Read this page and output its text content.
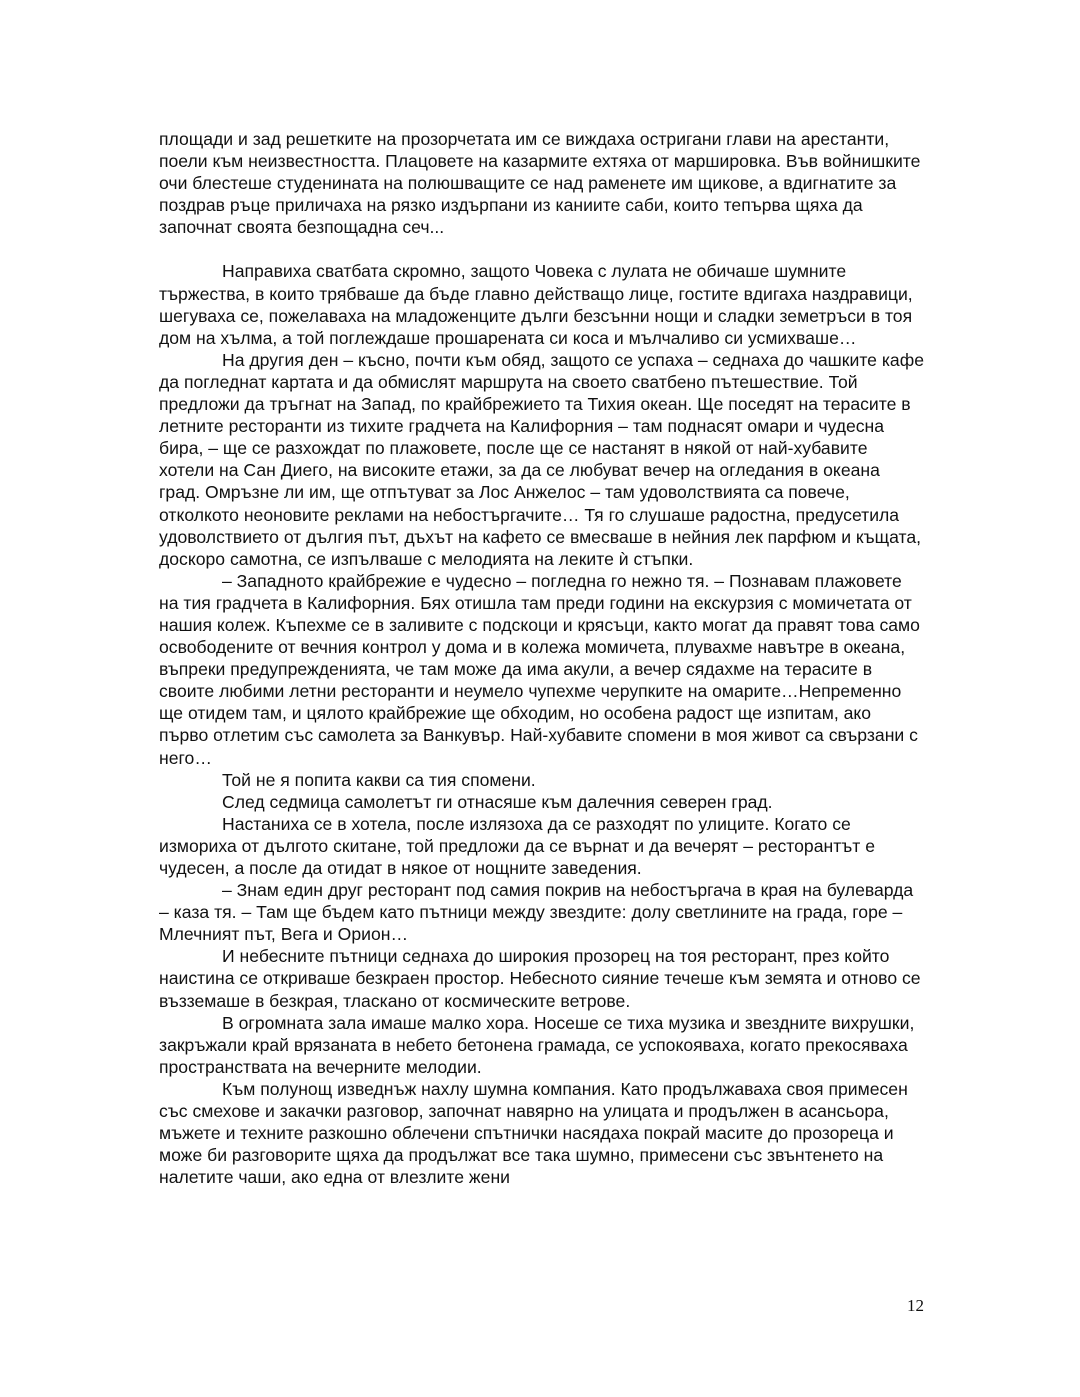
площади и зад решетките на прозорчетата им се виждаха остригани глави на арестанти, поели към неизвестността. Плацовете на казармите ехтяха от маршировка. Във войнишките очи блестеше студенината на полюшващите се над раменете им щикове, а вдигнатите за поздрав ръце приличаха на рязко издърпани из каниите саби, които тепърва щяха да започнат своята безпощадна сеч...

Направиха сватбата скромно, защото Човека с лулата не обичаше шумните тържества, в които трябваше да бъде главно действащо лице, гостите вдигаха наздравици, шегуваха се, пожелаваха на младоженците дълги безсънни нощи и сладки земетръси в тоя дом на хълма, а той поглеждаше прошарената си коса и мълчаливо си усмихваше…

На другия ден – късно, почти към обяд, защото се успаха – седнаха до чашките кафе да погледнат картата и да обмислят маршрута на своето сватбено пътешествие. Той предложи да тръгнат на Запад, по крайбрежието та Тихия океан. Ще поседят на терасите в летните ресторанти из тихите градчета на Калифорния – там поднасят омари и чудесна бира, – ще се разхождат по плажовете, после ще се настанят в някой от най-хубавите хотели на Сан Диего, на високите етажи, за да се любуват вечер на огледания в океана град. Омръзне ли им, ще отпътуват за Лос Анжелос – там удоволствията са повече, отколкото неоновите реклами на небостъргачите… Тя го слушаше радостна, предусетила удоволствието от дългия път, дъхът на кафето се вмесваше в нейния лек парфюм и къщата, доскоро самотна, се изпълваше с мелодията на леките ѝ стъпки.

– Западното крайбрежие е чудесно – погледна го нежно тя. – Познавам плажовете на тия градчета в Калифорния. Бях отишла там преди години на екскурзия с момичетата от нашия колеж. Къпехме се в заливите с подскоци и крясъци, както могат да правят това само освободените от вечния контрол у дома и в колежа момичета, плувахме навътре в океана, въпреки предупрежденията, че там може да има акули, а вечер сядахме на терасите в своите любими летни ресторанти и неумело чупехме черупките на омарите…Непременно ще отидем там, и цялото крайбрежие ще обходим, но особена радост ще изпитам, ако първо отлетим със самолета за Ванкувър. Най-хубавите спомени в моя живот са свързани с него…

Той не я попита какви са тия спомени.

След седмица самолетът ги отнасяше към далечния северен град.

Настаниха се в хотела, после излязоха да се разходят по улиците. Когато се измориха от дългото скитане, той предложи да се върнат и да вечерят – ресторантът е чудесен, а после да отидат в някое от нощните заведения.

– Знам един друг ресторант под самия покрив на небостъргача в края на булеварда – каза тя. – Там ще бъдем като пътници между звездите: долу светлините на града, горе – Млечният път, Вега и Орион…

И небесните пътници седнаха до широкия прозорец на тоя ресторант, през който наистина се откриваше безкраен простор. Небесното сияние течеше към земята и отново се възземаше в безкрая, тласкано от космическите ветрове.

В огромната зала имаше малко хора. Носеше се тиха музика и звездните вихрушки, закръжали край врязаната в небето бетонена грамада, се успокояваха, когато прекосяваха пространствата на вечерните мелодии.

Към полунощ изведнъж нахлу шумна компания. Като продължаваха своя примесен със смехове и закачки разговор, започнат навярно на улицата и продължен в асансьора, мъжете и техните разкошно облечени спътнички насядаха покрай масите до прозореца и може би разговорите щяха да продължат все така шумно, примесени със звънтенето на налетите чаши, ако една от влезлите жени

12
